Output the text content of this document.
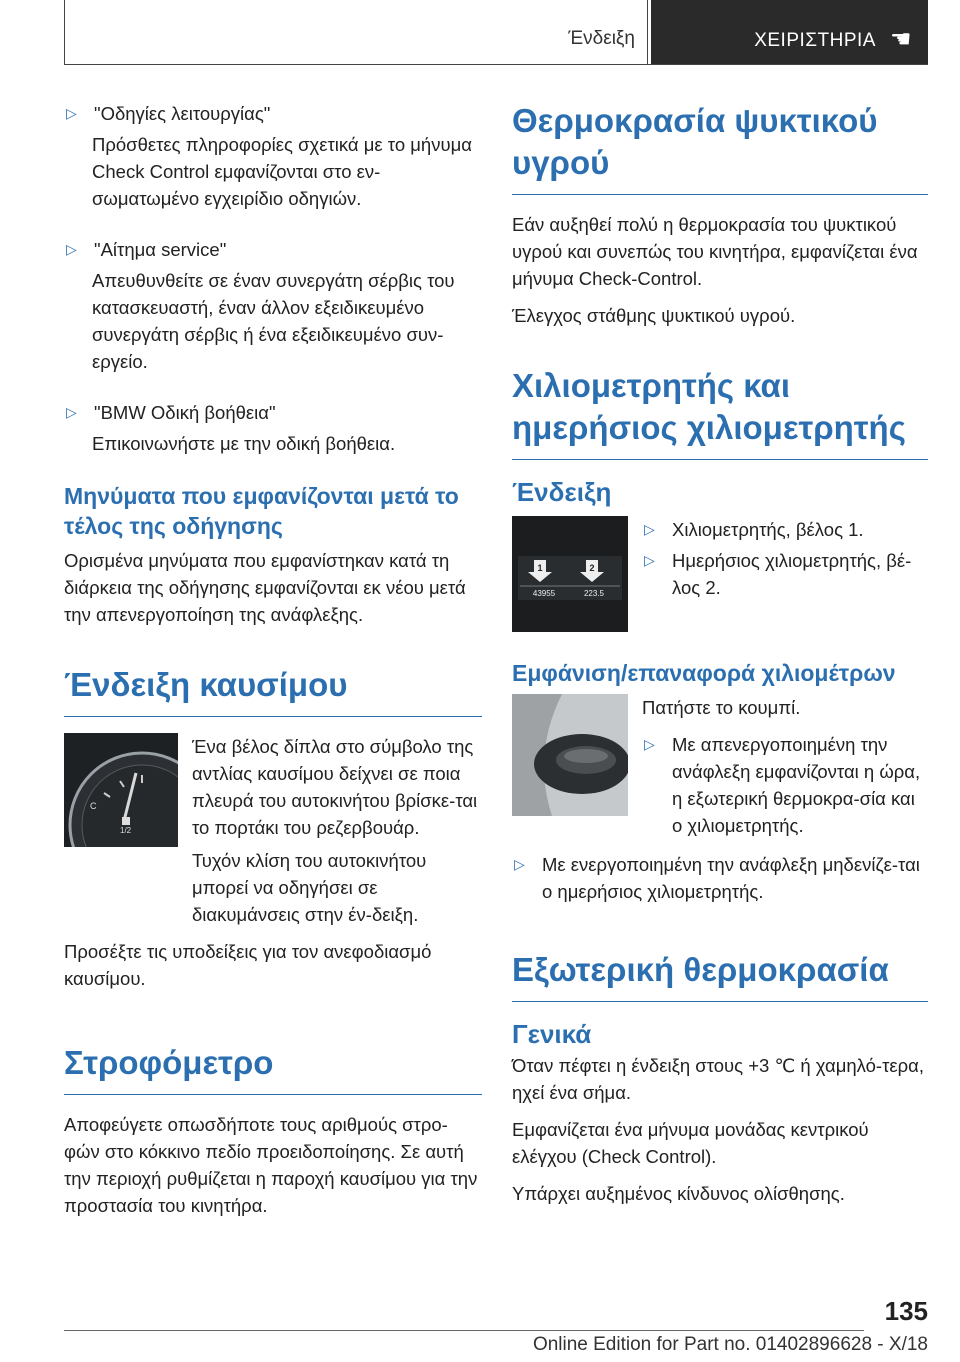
Ένδειξη	ΧΕΙΡΙΣΤΗΡΙΑ ☚
▷ "Οδηγίες λειτουργίας"

Πρόσθετες πληροφορίες σχετικά με το μήνυμα Check Control εμφανίζονται στο εν-σωματωμένο εγχειρίδιο οδηγιών.

▷ "Αίτημα service"

Απευθυνθείτε σε έναν συνεργάτη σέρβις του κατασκευαστή, έναν άλλον εξειδικευμένο συνεργάτη σέρβις ή ένα εξειδικευμένο συν-εργείο.

▷ "BMW Οδική βοήθεια"

Επικοινωνήστε με την οδική βοήθεια.

Μηνύματα που εμφανίζονται μετά το τέλος της οδήγησης

Ορισμένα μηνύματα που εμφανίστηκαν κατά τη διάρκεια της οδήγησης εμφανίζονται εκ νέου μετά την απενεργοποίηση της ανάφλεξης.

Ένδειξη καυσίμου
C
1/2

Ένα βέλος δίπλα στο σύμβολο της αντλίας καυσίμου δείχνει σε ποια πλευρά του αυτοκινήτου βρίσκε-ται το πορτάκι του ρεζερβουάρ.

Τυχόν κλίση του αυτοκινήτου μπορεί να οδηγήσει σε διακυμάνσεις στην έν-δειξη.

Προσέξτε τις υποδείξεις για τον ανεφοδιασμό καυσίμου.

Στροφόμετρο

Αποφεύγετε οπωσδήποτε τους αριθμούς στρο-φών στο κόκκινο πεδίο προειδοποίησης. Σε αυτή την περιοχή ρυθμίζεται η παροχή καυσίμου για την προστασία του κινητήρα.

Θερμοκρασία ψυκτικού υγρού

Εάν αυξηθεί πολύ η θερμοκρασία του ψυκτικού υγρού και συνεπώς του κινητήρα, εμφανίζεται ένα μήνυμα Check-Control.

Έλεγχος στάθμης ψυκτικού υγρού.

Χιλιομετρητής και ημερήσιος χιλιομετρητής
Ένδειξη
1	2
43955	223.5
▷ Χιλιομετρητής, βέλος 1.
▷ Ημερήσιος χιλιομετρητής, βέ-λος 2.
Εμφάνιση/επαναφορά χιλιομέτρων

Πατήστε το κουμπί.

▷ Με απενεργοποιημένη την ανάφλεξη εμφανίζονται η ώρα, η εξωτερική θερμοκρα-σία και ο χιλιομετρητής.
▷ Με ενεργοποιημένη την ανάφλεξη μηδενίζε-ται ο ημερήσιος χιλιομετρητής.
Εξωτερική θερμοκρασία
Γενικά

Όταν πέφτει η ένδειξη στους +3 ℃ ή χαμηλό-τερα, ηχεί ένα σήμα.

Εμφανίζεται ένα μήνυμα μονάδας κεντρικού ελέγχου (Check Control).

Υπάρχει αυξημένος κίνδυνος ολίσθησης.

135
Online Edition for Part no. 01402896628 - X/18
